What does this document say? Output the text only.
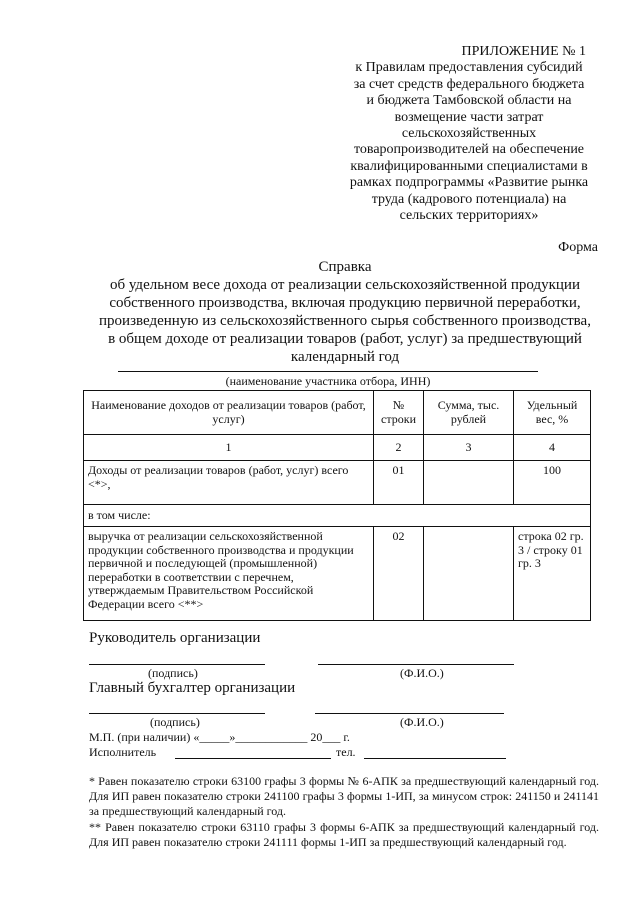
ПРИЛОЖЕНИЕ № 1
к Правилам предоставления субсидий
за счет средств федерального бюджета
и бюджета Тамбовской области на
возмещение части затрат
сельскохозяйственных
товаропроизводителей на обеспечение
квалифицированными специалистами в
рамках подпрограммы «Развитие рынка
труда (кадрового потенциала) на
сельских территориях»
Форма
Справка
об удельном весе дохода от реализации сельскохозяйственной продукции
собственного производства, включая продукцию первичной переработки,
произведенную из сельскохозяйственного сырья собственного производства,
в общем доходе от реализации товаров (работ, услуг) за предшествующий
календарный год
(наименование участника отбора, ИНН)
Наименование доходов от реализации товаров (работ, услуг)	№ строки	Сумма, тыс. рублей	Удельный вес, %
1	2	3	4
Доходы от реализации товаров (работ, услуг) всего <*>,	01		100
в том числе:			
выручка от реализации сельскохозяйственной продукции собственного производства и продукции первичной и последующей (промышленной) переработки в соответствии с перечнем, утверждаемым Правительством Российской Федерации всего <**>	02		строка 02 гр. 3 / строку 01 гр. 3
Руководитель организации
(подпись)	(Ф.И.О.)
Главный бухгалтер организации
(подпись)	(Ф.И.О.)
М.П. (при наличии) «_____»____________ 20___ г.
Исполнитель	тел.
* Равен показателю строки 63100 графы 3 формы № 6-АПК за предшествующий календарный год. Для ИП равен показателю строки 241100 графы 3 формы 1-ИП, за минусом строк: 241150 и 241141 за предшествующий календарный год.
** Равен показателю строки 63110 графы 3 формы 6-АПК за предшествующий календарный год. Для ИП равен показателю строки 241111 формы 1-ИП за предшествующий календарный год.
